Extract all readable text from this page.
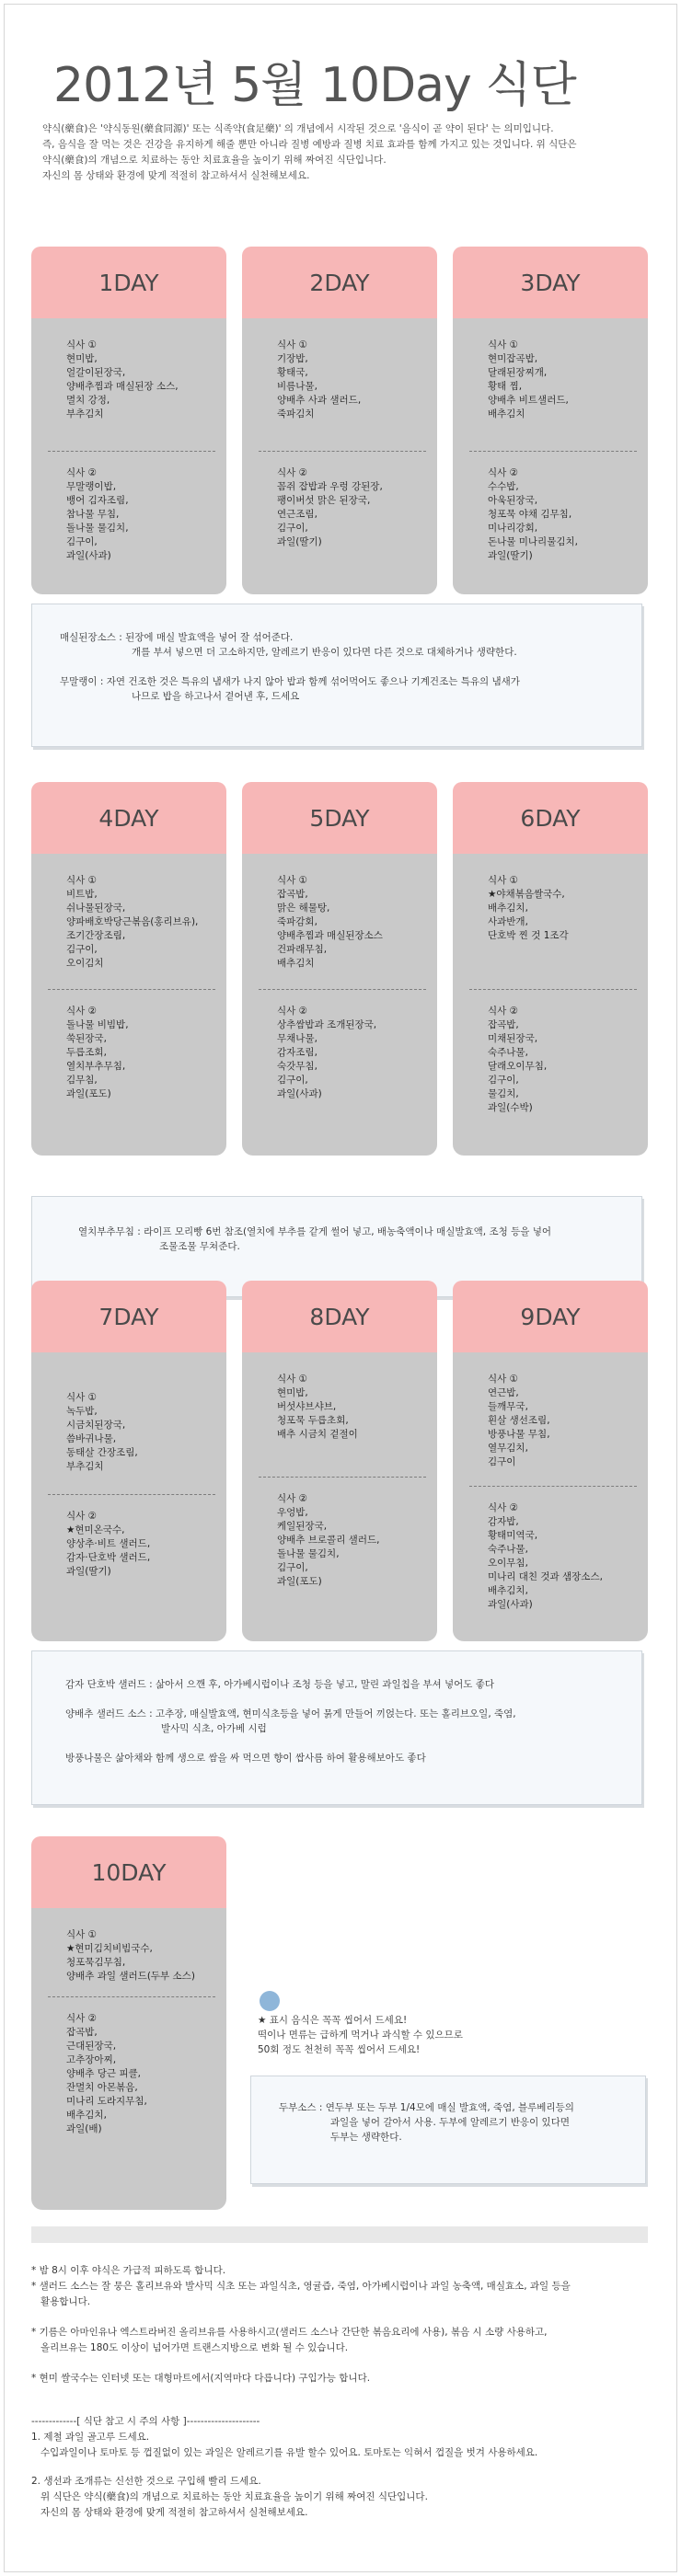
2012년 5월 10Day 식단

약식(藥食)은 '약식동원(藥食同源)' 또는 식족약(食足藥)' 의 개념에서 시작된 것으로 '음식이 곧 약이 된다' 는 의미입니다.

즉, 음식을 잘 먹는 것은 건강을 유지하게 해줄 뿐만 아니라 질병 예방과 질병 치료 효과를 함께 가지고 있는 것입니다. 위 식단은

약식(藥食)의 개념으로 치료하는 동안 치료효율을 높이기 위해 짜여진 식단입니다.

자신의 몸 상태와 환경에 맞게 적절히 참고하셔서 실천해보세요.

1DAY
식사 ①
현미밥,
얼갈이된장국,
양배추찜과 매실된장 소스,
멸치 강정,
부추김치
식사 ②
무말랭이밥,
뱅어 김자조림,
참나물 무침,
돌나물 물김치,
김구이,
과일(사과)
2DAY
식사 ①
기장밥,
황태국,
비름나물,
양배추 사과 샐러드,
죽파김치
식사 ②
꼼쥐 잡밥과 우렁 강된장,
팽이버섯 맑은 된장국,
연근조림,
김구이,
과일(딸기)
3DAY
식사 ①
현미잡곡밥,
달래된장찌개,
황태 찜,
양배추 비트샐러드,
배추김치
식사 ②
수수밥,
아욱된장국,
청포묵 야채 김무침,
미나리강회,
돈나물 미나리물김치,
과일(딸기)

매실된장소스 : 된장에 매실 발효액을 넣어 잘 섞어준다.

개를 부셔 넣으면 더 고소하지만, 알레르기 반응이 있다면 다른 것으로 대체하거나 생략한다.

무말랭이 : 자연 건조한 것은 특유의 냄새가 나지 않아 밥과 함께 섞어먹어도 좋으나 기계건조는 특유의 냄새가

나므로 밥을 하고나서 곁어낸 후, 드세요

4DAY
식사 ①
비트밥,
쉬나물된장국,
양파배호박당근볶음(홍리브유),
조기간장조림,
김구이,
오이김치
식사 ②
돌나물 비빔밥,
쑥된장국,
두릅조회,
열치부추무침,
김무침,
과일(포도)
5DAY
식사 ①
잡곡밥,
맑은 해물탕,
죽파감회,
양배추찜과 매실된장소스
건파래무침,
배추김치
식사 ②
상추쌈밥과 조개된장국,
무채나물,
감자조림,
숙갓무침,
김구이,
과일(사과)
6DAY
식사 ①
★야채볶음쌀국수,
배추김치,
사과반개,
단호박 찐 것 1조각
식사 ②
잡곡밥,
미채된장국,
숙주나물,
달래오이무침,
김구이,
물김치,
과일(수박)

열치부추무침 : 라이프 모리빵 6번 참조(열치에 부추를 같게 썰어 넣고, 배농축액이나 매실발효액, 조청 등을 넣어

조물조물 무쳐준다.

7DAY
식사 ①
녹두밥,
시금치된장국,
씀바귀나물,
동태살 간장조림,
부추김치
식사 ②
★현미온국수,
양상추·비트 샐러드,
감자·단호박 샐러드,
과일(딸기)
8DAY
식사 ①
현미밥,
버섯샤브샤브,
청포묵 두릅초회,
배추 시금치 겉절이
식사 ②
우엉밥,
케일된장국,
양배추 브로콜리 샐러드,
돌나물 물김치,
김구이,
과일(포도)
9DAY
식사 ①
연근밥,
들깨무국,
흰살 생선조림,
방풍나물 무침,
열무김치,
김구이
식사 ②
감자밥,
황태미역국,
숙주나물,
오이무침,
미나리 대친 것과 샘장소스,
배추김치,
과일(사과)

감자 단호박 샐러드 : 삶아서 으깬 후, 아가베시럽이나 조청 등을 넣고, 말린 과일칩을 부셔 넣어도 좋다

양배추 샐러드 소스 : 고추장, 매실발효액, 현미식초등을 넣어 묽게 만들어 끼얹는다. 또는 홀리브오일, 죽염,

발사믹 식초, 아가베 시럽

방풍나물은 삶아채와 함께 생으로 쌈을 싸 먹으면 향이 쌉사름 하여 활용해보아도 좋다

10DAY
식사 ①
★현미김치비빔국수,
청포묵김무침,
양배추 과일 샐러드(두부 소스)
식사 ②
잡곡밥,
근대된장국,
고추장아찌,
양배추 당근 피클,
잔멸치 아몬볶음,
미나리 도라지무침,
배추김치,
과일(배)
★ 표시 음식은 꼭꼭 씹어서 드세요!
떡이나 면류는 급하게 먹거나 과식할 수 있으므로
50회 정도 천천히 꼭꼭 씹어서 드세요!

두부소스 : 연두부 또는 두부 1/4모에 매실 발효액, 죽염, 블루베리등의

과일을 넣어 갈아서 사용. 두부에 알레르기 반응이 있다면

두부는 생략한다.

* 밤 8시 이후 야식은 가급적 피하도록 합니다.

* 샐러드 소스는 잘 뭉은 홀리브유와 발사믹 식초 또는 과일식초, 영귤즙, 죽염, 아가베시럽이나 과일 농축액, 매실효소, 과일 등을

활용합니다.

* 기름은 아마인유나 엑스트라버진 올리브유를 사용하시고(샐러드 소스나 간단한 볶음요리에 사용), 볶음 시 소량 사용하고,

올리브유는 180도 이상이 넘어가면 트랜스지방으로 변화 될 수 있습니다.

* 현미 쌀국수는 인터넷 또는 대형마트에서(지역마다 다릅니다) 구입가능 합니다.

-------------[ 식단 참고 시 주의 사항 ]---------------------

1. 제철 과일 골고루 드세요.

수입과일이나 토마토 등 껍질없이 있는 과일은 알레르기를 유발 할수 있어요. 토마토는 익혀서 껍질을 벗겨 사용하세요.

2. 생선과 조개류는 신선한 것으로 구입해 빨리 드세요.

위 식단은 약식(藥食)의 개념으로 치료하는 동안 치료효율을 높이기 위해 짜여진 식단입니다.

자신의 몸 상태와 환경에 맞게 적절히 참고하셔서 실천해보세요.
